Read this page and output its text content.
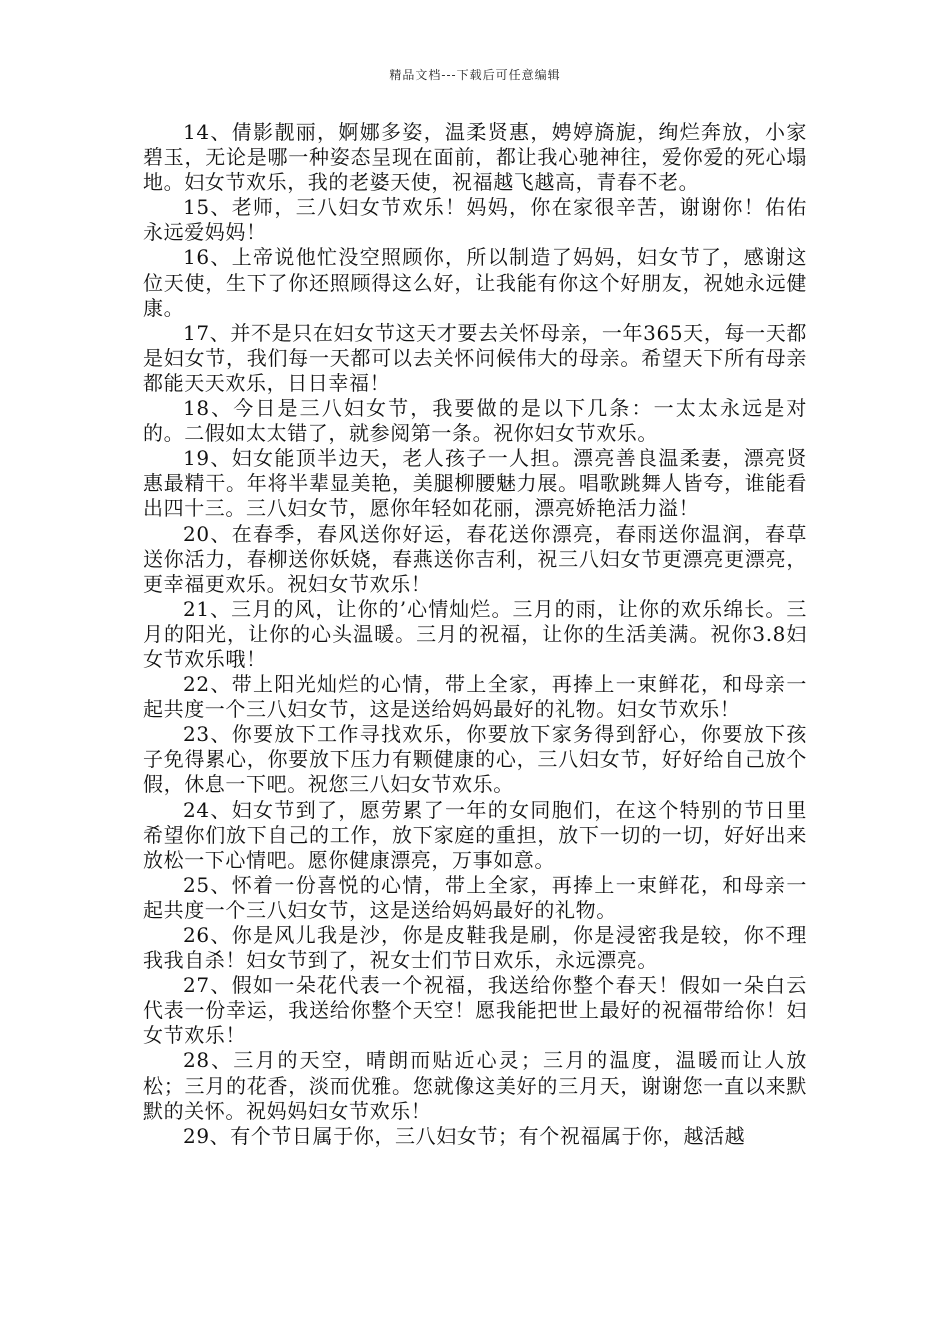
精品文档---下载后可任意编辑

14、倩影靓丽，婀娜多姿，温柔贤惠，娉婷旖旎，绚烂奔放，小家碧玉，无论是哪一种姿态呈现在面前，都让我心驰神往，爱你爱的死心塌地。妇女节欢乐，我的老婆天使，祝福越飞越高，青春不老。

15、老师，三八妇女节欢乐！妈妈，你在家很辛苦，谢谢你！佑佑永远爱妈妈！

16、上帝说他忙没空照顾你，所以制造了妈妈，妇女节了，感谢这位天使，生下了你还照顾得这么好，让我能有你这个好朋友，祝她永远健康。

17、并不是只在妇女节这天才要去关怀母亲，一年365天，每一天都是妇女节，我们每一天都可以去关怀问候伟大的母亲。希望天下所有母亲都能天天欢乐，日日幸福！

18、今日是三八妇女节，我要做的是以下几条：一太太永远是对的。二假如太太错了，就参阅第一条。祝你妇女节欢乐。

19、妇女能顶半边天，老人孩子一人担。漂亮善良温柔妻，漂亮贤惠最精干。年将半辈显美艳，美腿柳腰魅力展。唱歌跳舞人皆夸，谁能看出四十三。三八妇女节，愿你年轻如花丽，漂亮娇艳活力溢！

20、在春季，春风送你好运，春花送你漂亮，春雨送你温润，春草送你活力，春柳送你妖娆，春燕送你吉利，祝三八妇女节更漂亮更漂亮，更幸福更欢乐。祝妇女节欢乐！

21、三月的风，让你的’心情灿烂。三月的雨，让你的欢乐绵长。三月的阳光，让你的心头温暖。三月的祝福，让你的生活美满。祝你3.8妇女节欢乐哦！

22、带上阳光灿烂的心情，带上全家，再捧上一束鲜花，和母亲一起共度一个三八妇女节，这是送给妈妈最好的礼物。妇女节欢乐！

23、你要放下工作寻找欢乐，你要放下家务得到舒心，你要放下孩子免得累心，你要放下压力有颗健康的心，三八妇女节，好好给自己放个假，休息一下吧。祝您三八妇女节欢乐。

24、妇女节到了，愿劳累了一年的女同胞们，在这个特别的节日里希望你们放下自己的工作，放下家庭的重担，放下一切的一切，好好出来放松一下心情吧。愿你健康漂亮，万事如意。

25、怀着一份喜悦的心情，带上全家，再捧上一束鲜花，和母亲一起共度一个三八妇女节，这是送给妈妈最好的礼物。

26、你是风儿我是沙，你是皮鞋我是刷，你是浸密我是较，你不理我我自杀！妇女节到了，祝女士们节日欢乐，永远漂亮。

27、假如一朵花代表一个祝福，我送给你整个春天！假如一朵白云代表一份幸运，我送给你整个天空！愿我能把世上最好的祝福带给你！妇女节欢乐！

28、三月的天空，晴朗而贴近心灵；三月的温度，温暖而让人放松；三月的花香，淡而优雅。您就像这美好的三月天，谢谢您一直以来默默的关怀。祝妈妈妇女节欢乐！

29、有个节日属于你，三八妇女节；有个祝福属于你，越活越
